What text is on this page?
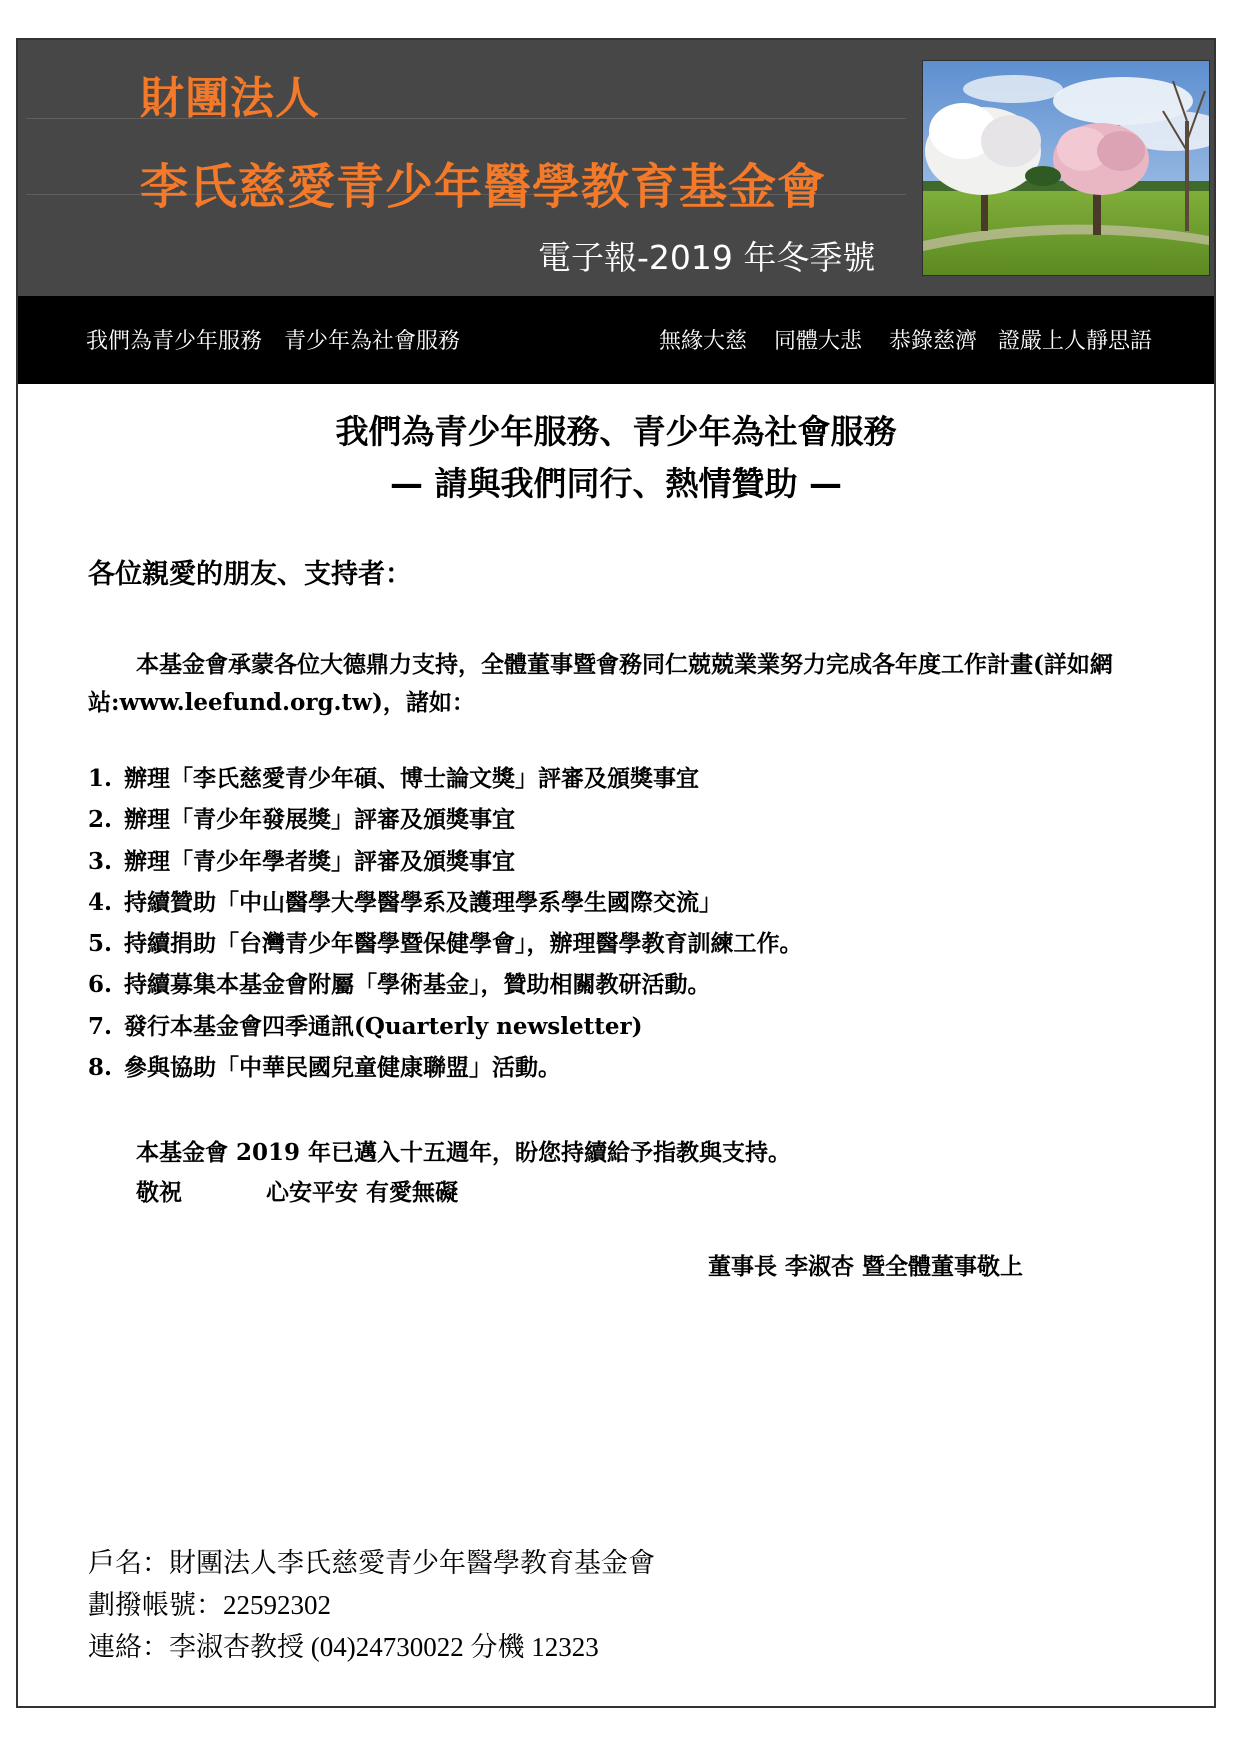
財團法人
李氏慈愛青少年醫學教育基金會

電子報-2019 年冬季號

我們為青少年服務　青少年為社會服務	無緣大慈 同體大悲 恭錄慈濟 證嚴上人靜思語
我們為青少年服務、青少年為社會服務
— 請與我們同行、熱情贊助 —

各位親愛的朋友、支持者：

本基金會承蒙各位大德鼎力支持，全體董事暨會務同仁兢兢業業努力完成各年度工作計畫(詳如網站:www.leefund.org.tw)，諸如：

1. 辦理「李氏慈愛青少年碩、博士論文獎」評審及頒獎事宜
2. 辦理「青少年發展獎」評審及頒獎事宜
3. 辦理「青少年學者獎」評審及頒獎事宜
4. 持續贊助「中山醫學大學醫學系及護理學系學生國際交流」
5. 持續捐助「台灣青少年醫學暨保健學會」，辦理醫學教育訓練工作。
6. 持續募集本基金會附屬「學術基金」，贊助相關教研活動。
7. 發行本基金會四季通訊(Quarterly newsletter)
8. 參與協助「中華民國兒童健康聯盟」活動。

本基金會 2019 年已邁入十五週年，盼您持續給予指教與支持。

敬祝	心安平安 有愛無礙

董事長 李淑杏 暨全體董事敬上

戶名：財團法人李氏慈愛青少年醫學教育基金會

劃撥帳號：22592302

連絡：李淑杏教授 (04)24730022 分機 12323
